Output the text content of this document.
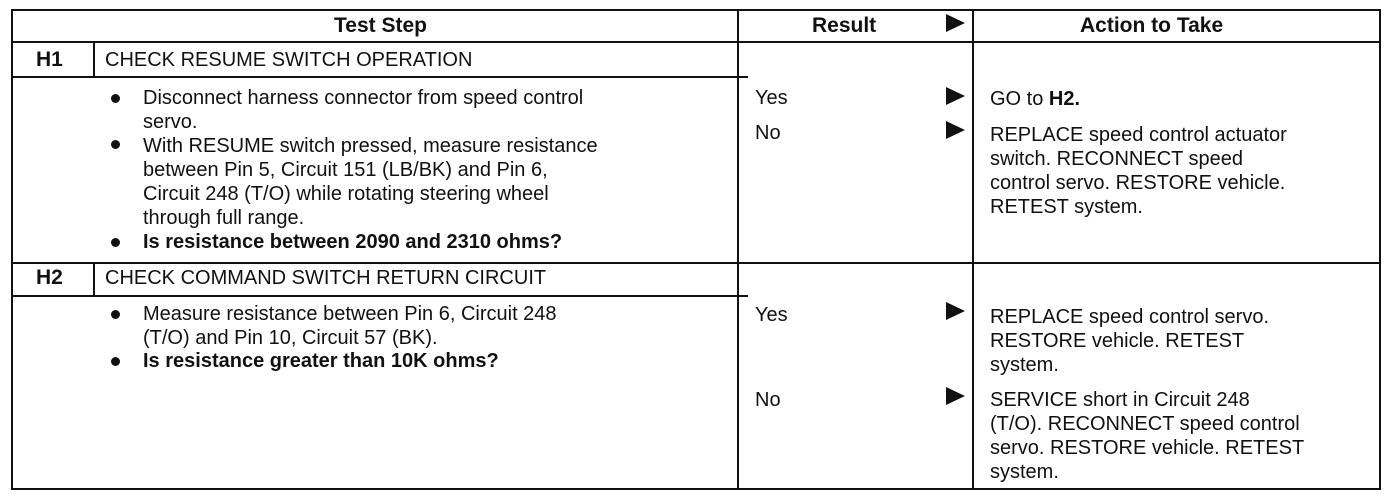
Test Step	Result	Action to Take
H1 CHECK RESUME SWITCH OPERATION
Disconnect harness connector from speed control
servo.
With RESUME switch pressed, measure resistance
between Pin 5, Circuit 151 (LB/BK) and Pin 6,
Circuit 248 (T/O) while rotating steering wheel
through full range.
Is resistance between 2090 and 2310 ohms?
Yes	GO to H2.
No	REPLACE speed control actuator
switch. RECONNECT speed
control servo. RESTORE vehicle.
RETEST system.
H2 CHECK COMMAND SWITCH RETURN CIRCUIT
Measure resistance between Pin 6, Circuit 248
(T/O) and Pin 10, Circuit 57 (BK).
Is resistance greater than 10K ohms?
Yes	REPLACE speed control servo.
RESTORE vehicle. RETEST
system.
No	SERVICE short in Circuit 248
(T/O). RECONNECT speed control
servo. RESTORE vehicle. RETEST
system.
